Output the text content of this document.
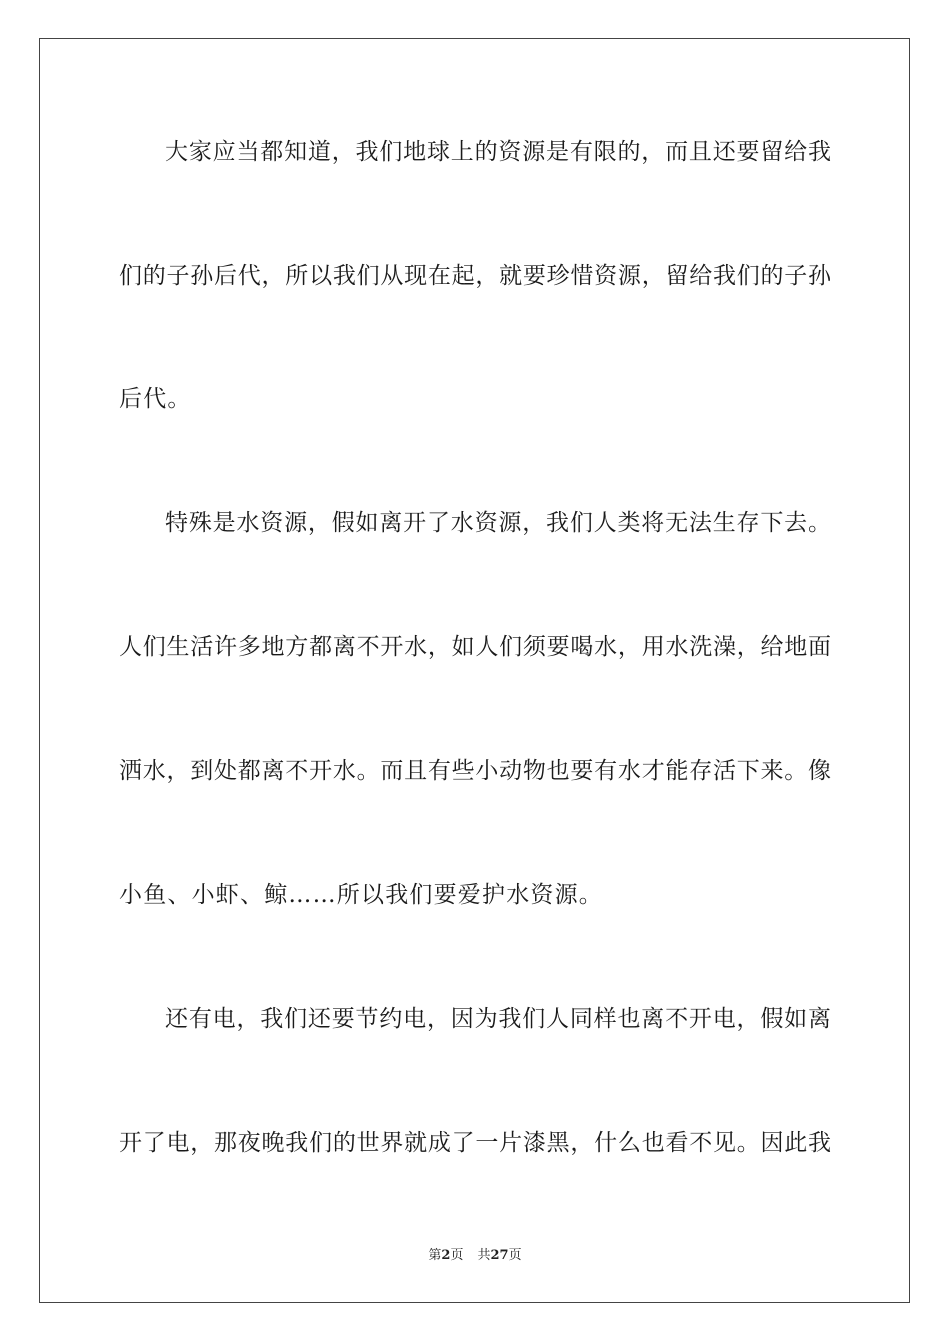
大家应当都知道，我们地球上的资源是有限的，而且还要留给我
们的子孙后代，所以我们从现在起，就要珍惜资源，留给我们的子孙
后代。
特殊是水资源，假如离开了水资源，我们人类将无法生存下去。
人们生活许多地方都离不开水，如人们须要喝水，用水洗澡，给地面
洒水，到处都离不开水。而且有些小动物也要有水才能存活下来。像
小鱼、小虾、鲸……所以我们要爱护水资源。
还有电，我们还要节约电，因为我们人同样也离不开电，假如离
开了电，那夜晚我们的世界就成了一片漆黑，什么也看不见。因此我
第2页 共27页
